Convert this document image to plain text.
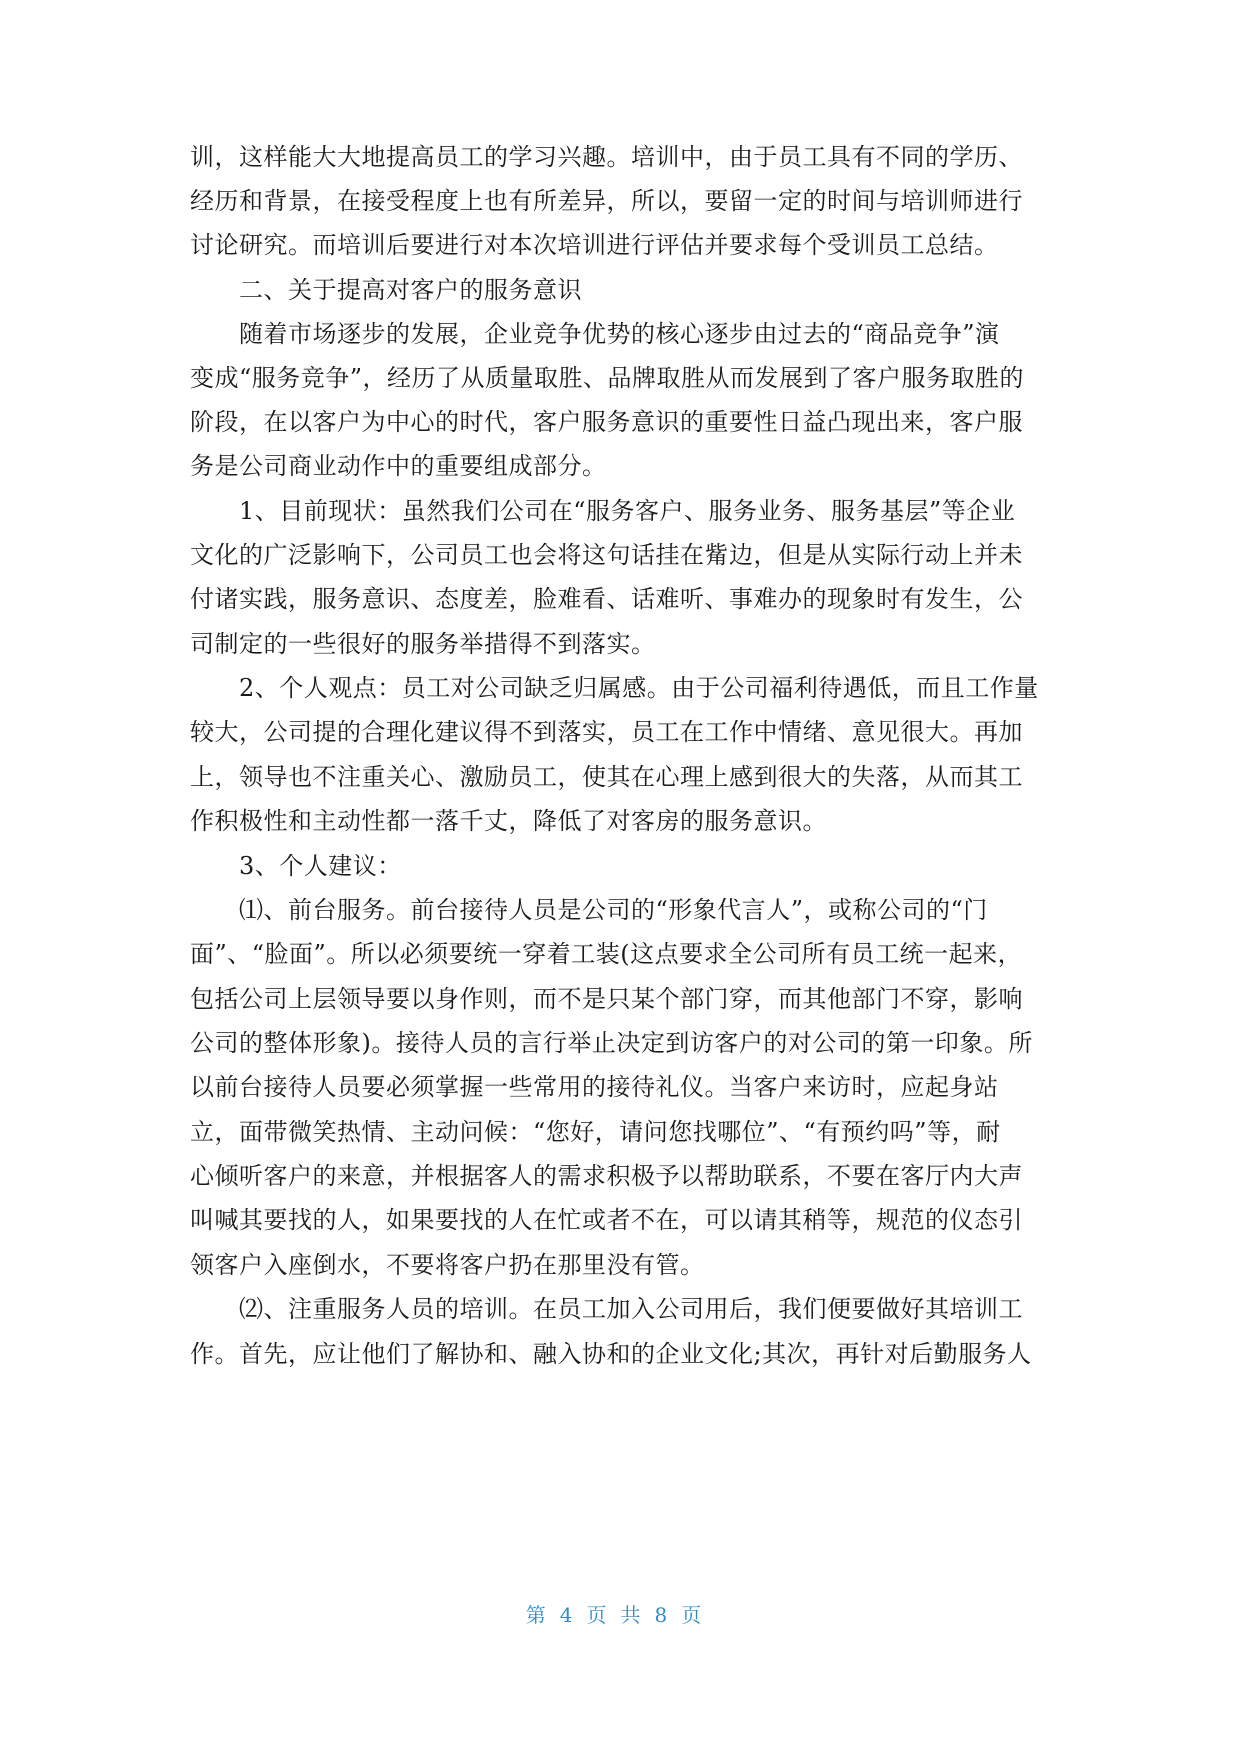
训，这样能大大地提高员工的学习兴趣。培训中，由于员工具有不同的学历、
经历和背景，在接受程度上也有所差异，所以，要留一定的时间与培训师进行
讨论研究。而培训后要进行对本次培训进行评估并要求每个受训员工总结。
　　二、关于提高对客户的服务意识
　　随着市场逐步的发展，企业竞争优势的核心逐步由过去的“商品竞争”演
变成“服务竞争”，经历了从质量取胜、品牌取胜从而发展到了客户服务取胜的
阶段，在以客户为中心的时代，客户服务意识的重要性日益凸现出来，客户服
务是公司商业动作中的重要组成部分。
　　1、目前现状：虽然我们公司在“服务客户、服务业务、服务基层”等企业
文化的广泛影响下，公司员工也会将这句话挂在觜边，但是从实际行动上并未
付诸实践，服务意识、态度差，脸难看、话难听、事难办的现象时有发生，公
司制定的一些很好的服务举措得不到落实。
　　2、个人观点：员工对公司缺乏归属感。由于公司福利待遇低，而且工作量
较大，公司提的合理化建议得不到落实，员工在工作中情绪、意见很大。再加
上，领导也不注重关心、激励员工，使其在心理上感到很大的失落，从而其工
作积极性和主动性都一落千丈，降低了对客房的服务意识。
　　3、个人建议：
　　⑴、前台服务。前台接待人员是公司的“形象代言人”，或称公司的“门
面”、“脸面”。所以必须要统一穿着工装(这点要求全公司所有员工统一起来，
包括公司上层领导要以身作则，而不是只某个部门穿，而其他部门不穿，影响
公司的整体形象)。接待人员的言行举止决定到访客户的对公司的第一印象。所
以前台接待人员要必须掌握一些常用的接待礼仪。当客户来访时，应起身站
立，面带微笑热情、主动问候：“您好，请问您找哪位”、“有预约吗”等，耐
心倾听客户的来意，并根据客人的需求积极予以帮助联系，不要在客厅内大声
叫喊其要找的人，如果要找的人在忙或者不在，可以请其稍等，规范的仪态引
领客户入座倒水，不要将客户扔在那里没有管。
　　⑵、注重服务人员的培训。在员工加入公司用后，我们便要做好其培训工
作。首先，应让他们了解协和、融入协和的企业文化;其次，再针对后勤服务人
第4页共8页
